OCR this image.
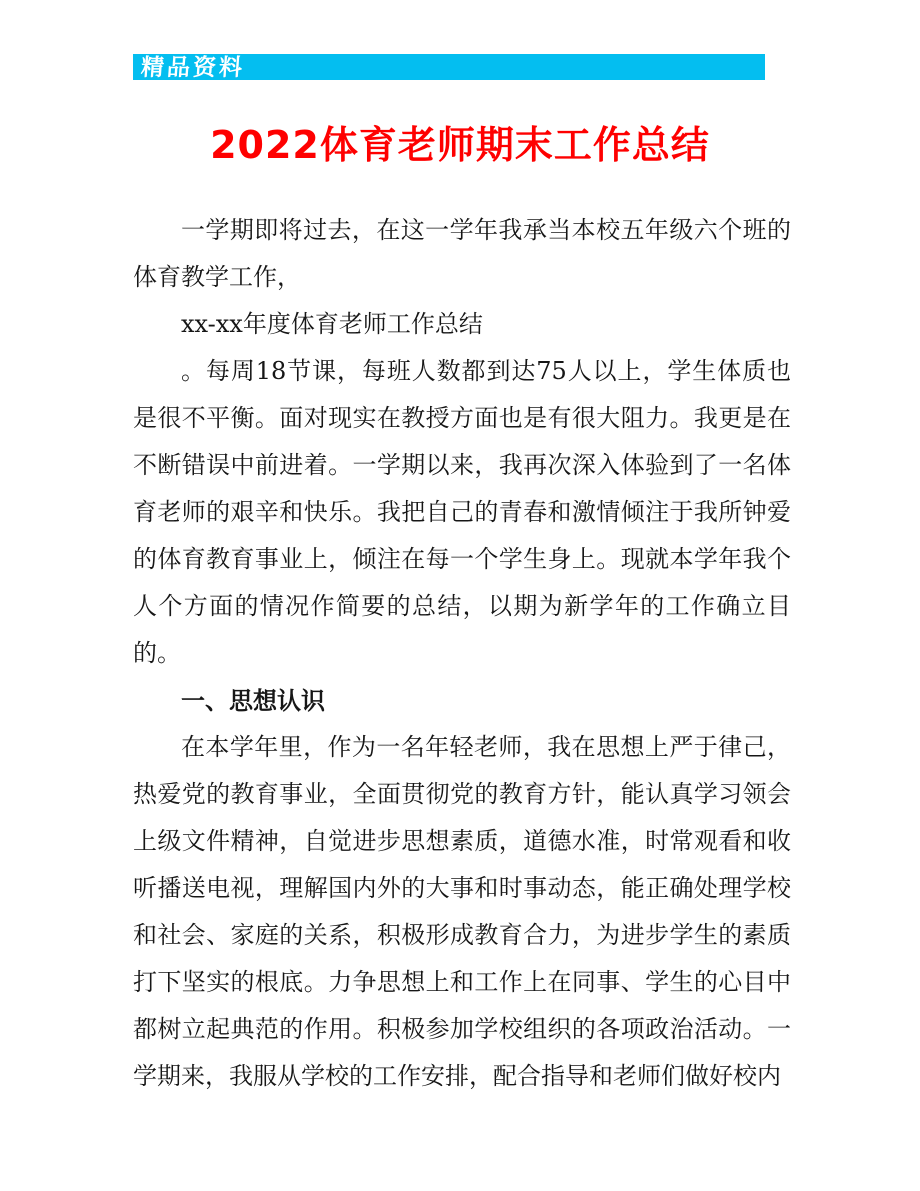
精品资料
2022体育老师期末工作总结

一学期即将过去，在这一学年我承当本校五年级六个班的体育教学工作，

xx-xx年度体育老师工作总结

。每周18节课，每班人数都到达75人以上，学生体质也是很不平衡。面对现实在教授方面也是有很大阻力。我更是在不断错误中前进着。一学期以来，我再次深入体验到了一名体育老师的艰辛和快乐。我把自己的青春和激情倾注于我所钟爱的体育教育事业上，倾注在每一个学生身上。现就本学年我个人个方面的情况作简要的总结，以期为新学年的工作确立目的。

一、思想认识

在本学年里，作为一名年轻老师，我在思想上严于律己，热爱党的教育事业，全面贯彻党的教育方针，能认真学习领会上级文件精神，自觉进步思想素质，道德水准，时常观看和收听播送电视，理解国内外的大事和时事动态，能正确处理学校和社会、家庭的关系，积极形成教育合力，为进步学生的素质打下坚实的根底。力争思想上和工作上在同事、学生的心目中都树立起典范的作用。积极参加学校组织的各项政治活动。一学期来，我服从学校的工作安排，配合指导和老师们做好校内
